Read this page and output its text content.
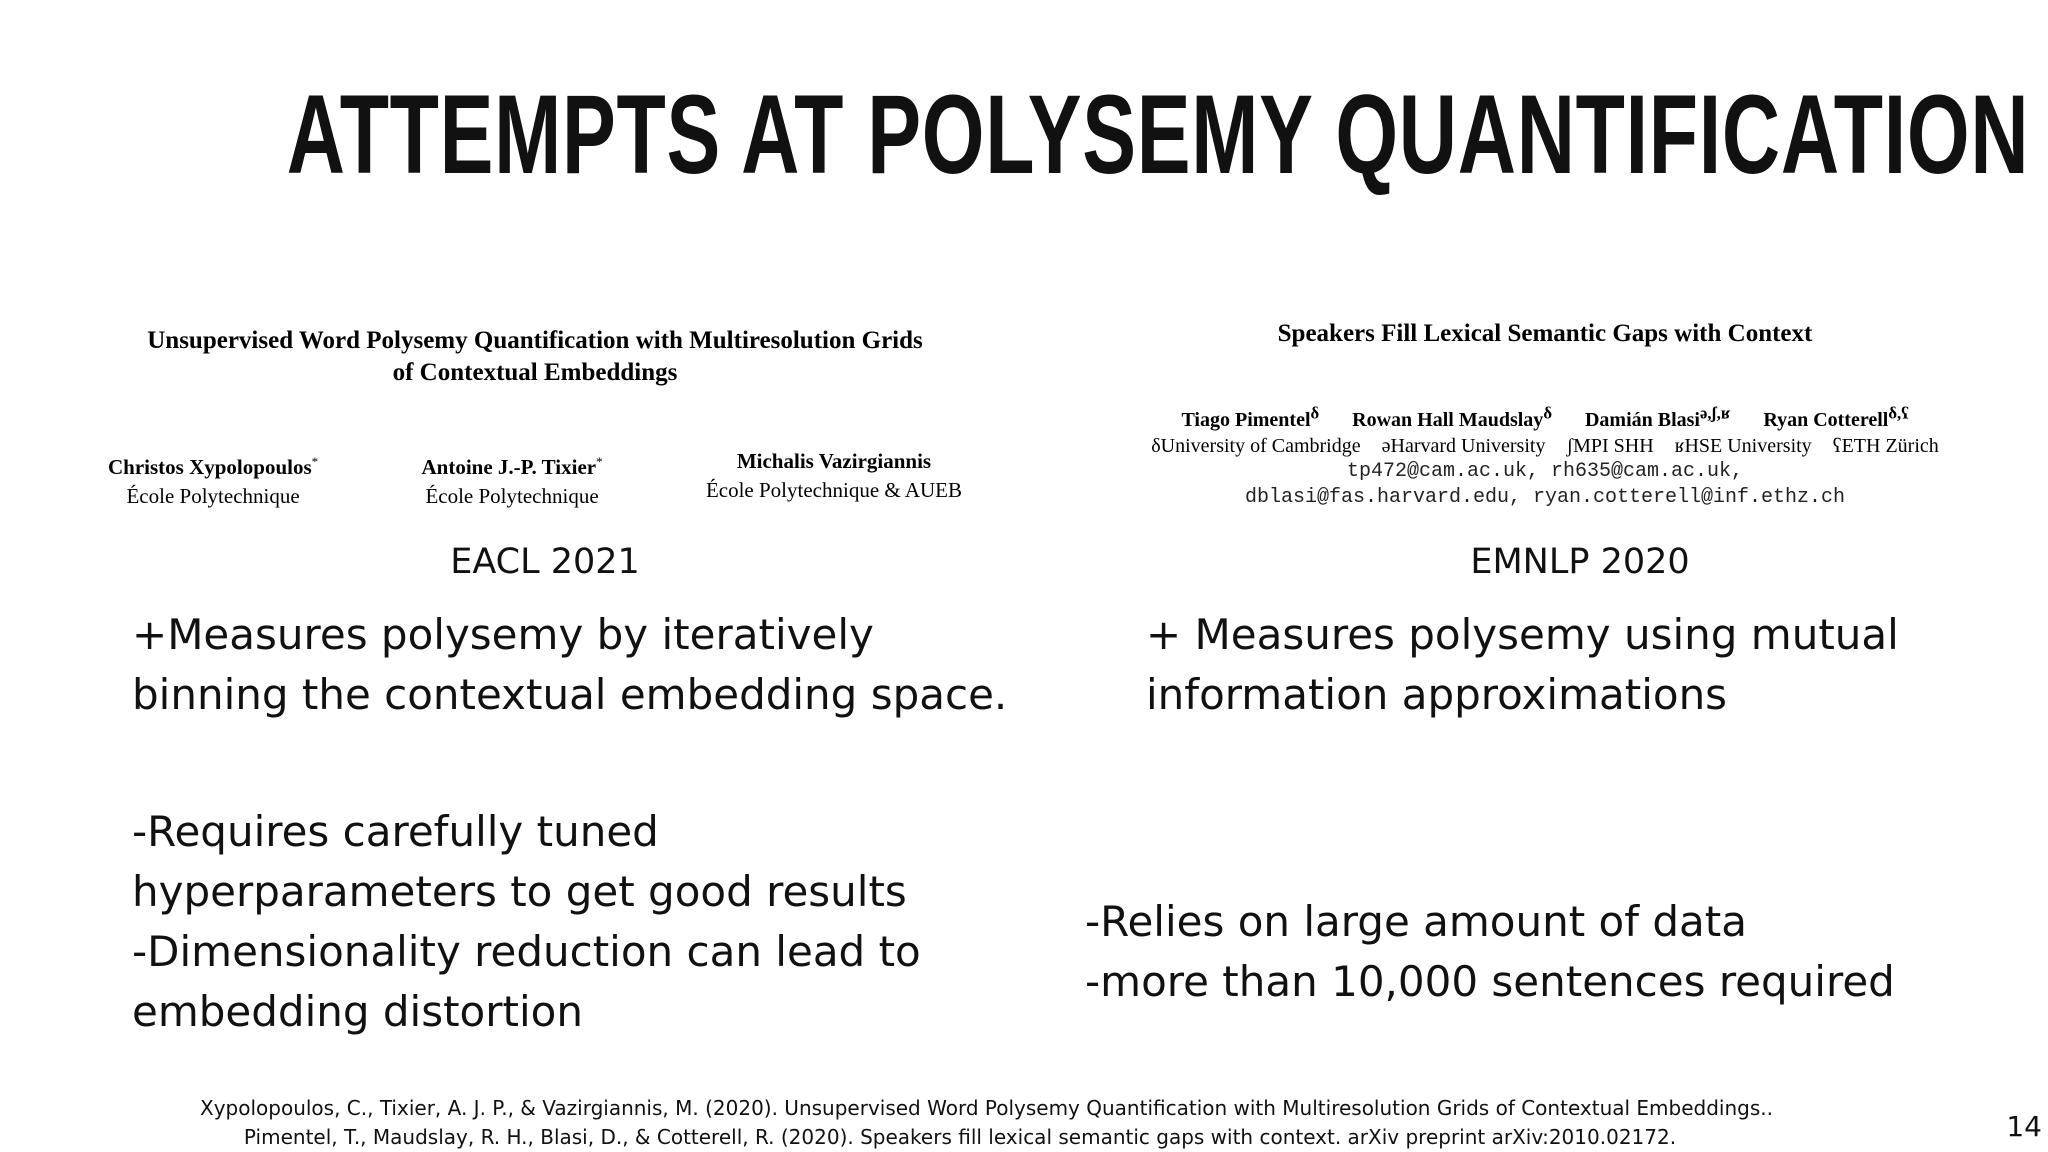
ATTEMPTS AT POLYSEMY QUANTIFICATION
Unsupervised Word Polysemy Quantification with Multiresolution Grids
of Contextual Embeddings
Christos Xypolopoulos*
École Polytechnique
Antoine J.-P. Tixier*
École Polytechnique
Michalis Vazirgiannis
École Polytechnique & AUEB
Speakers Fill Lexical Semantic Gaps with Context
Tiago Pimentel$^\delta$ Rowan Hall Maudslay$^\delta$ Damián Blasi$^{ə,ʃ,ʁ}$ Ryan Cotterell$^{\delta,ʕ}$
δUniversity of Cambridge əHarvard University ʃMPI SHH ʁHSE University ʕETH Zürich
tp472@cam.ac.uk, rh635@cam.ac.uk,
dblasi@fas.harvard.edu, ryan.cotterell@inf.ethz.ch
EACL 2021	EMNLP 2020
+Measures polysemy by iteratively
binning the contextual embedding space.
+ Measures polysemy using mutual
information approximations
-Requires carefully tuned
hyperparameters to get good results
-Dimensionality reduction can lead to
embedding distortion
-Relies on large amount of data
-more than 10,000 sentences required
Xypolopoulos, C., Tixier, A. J. P., & Vazirgiannis, M. (2020). Unsupervised Word Polysemy Quantification with Multiresolution Grids of Contextual Embeddings..
Pimentel, T., Maudslay, R. H., Blasi, D., & Cotterell, R. (2020). Speakers fill lexical semantic gaps with context. arXiv preprint arXiv:2010.02172.	14
